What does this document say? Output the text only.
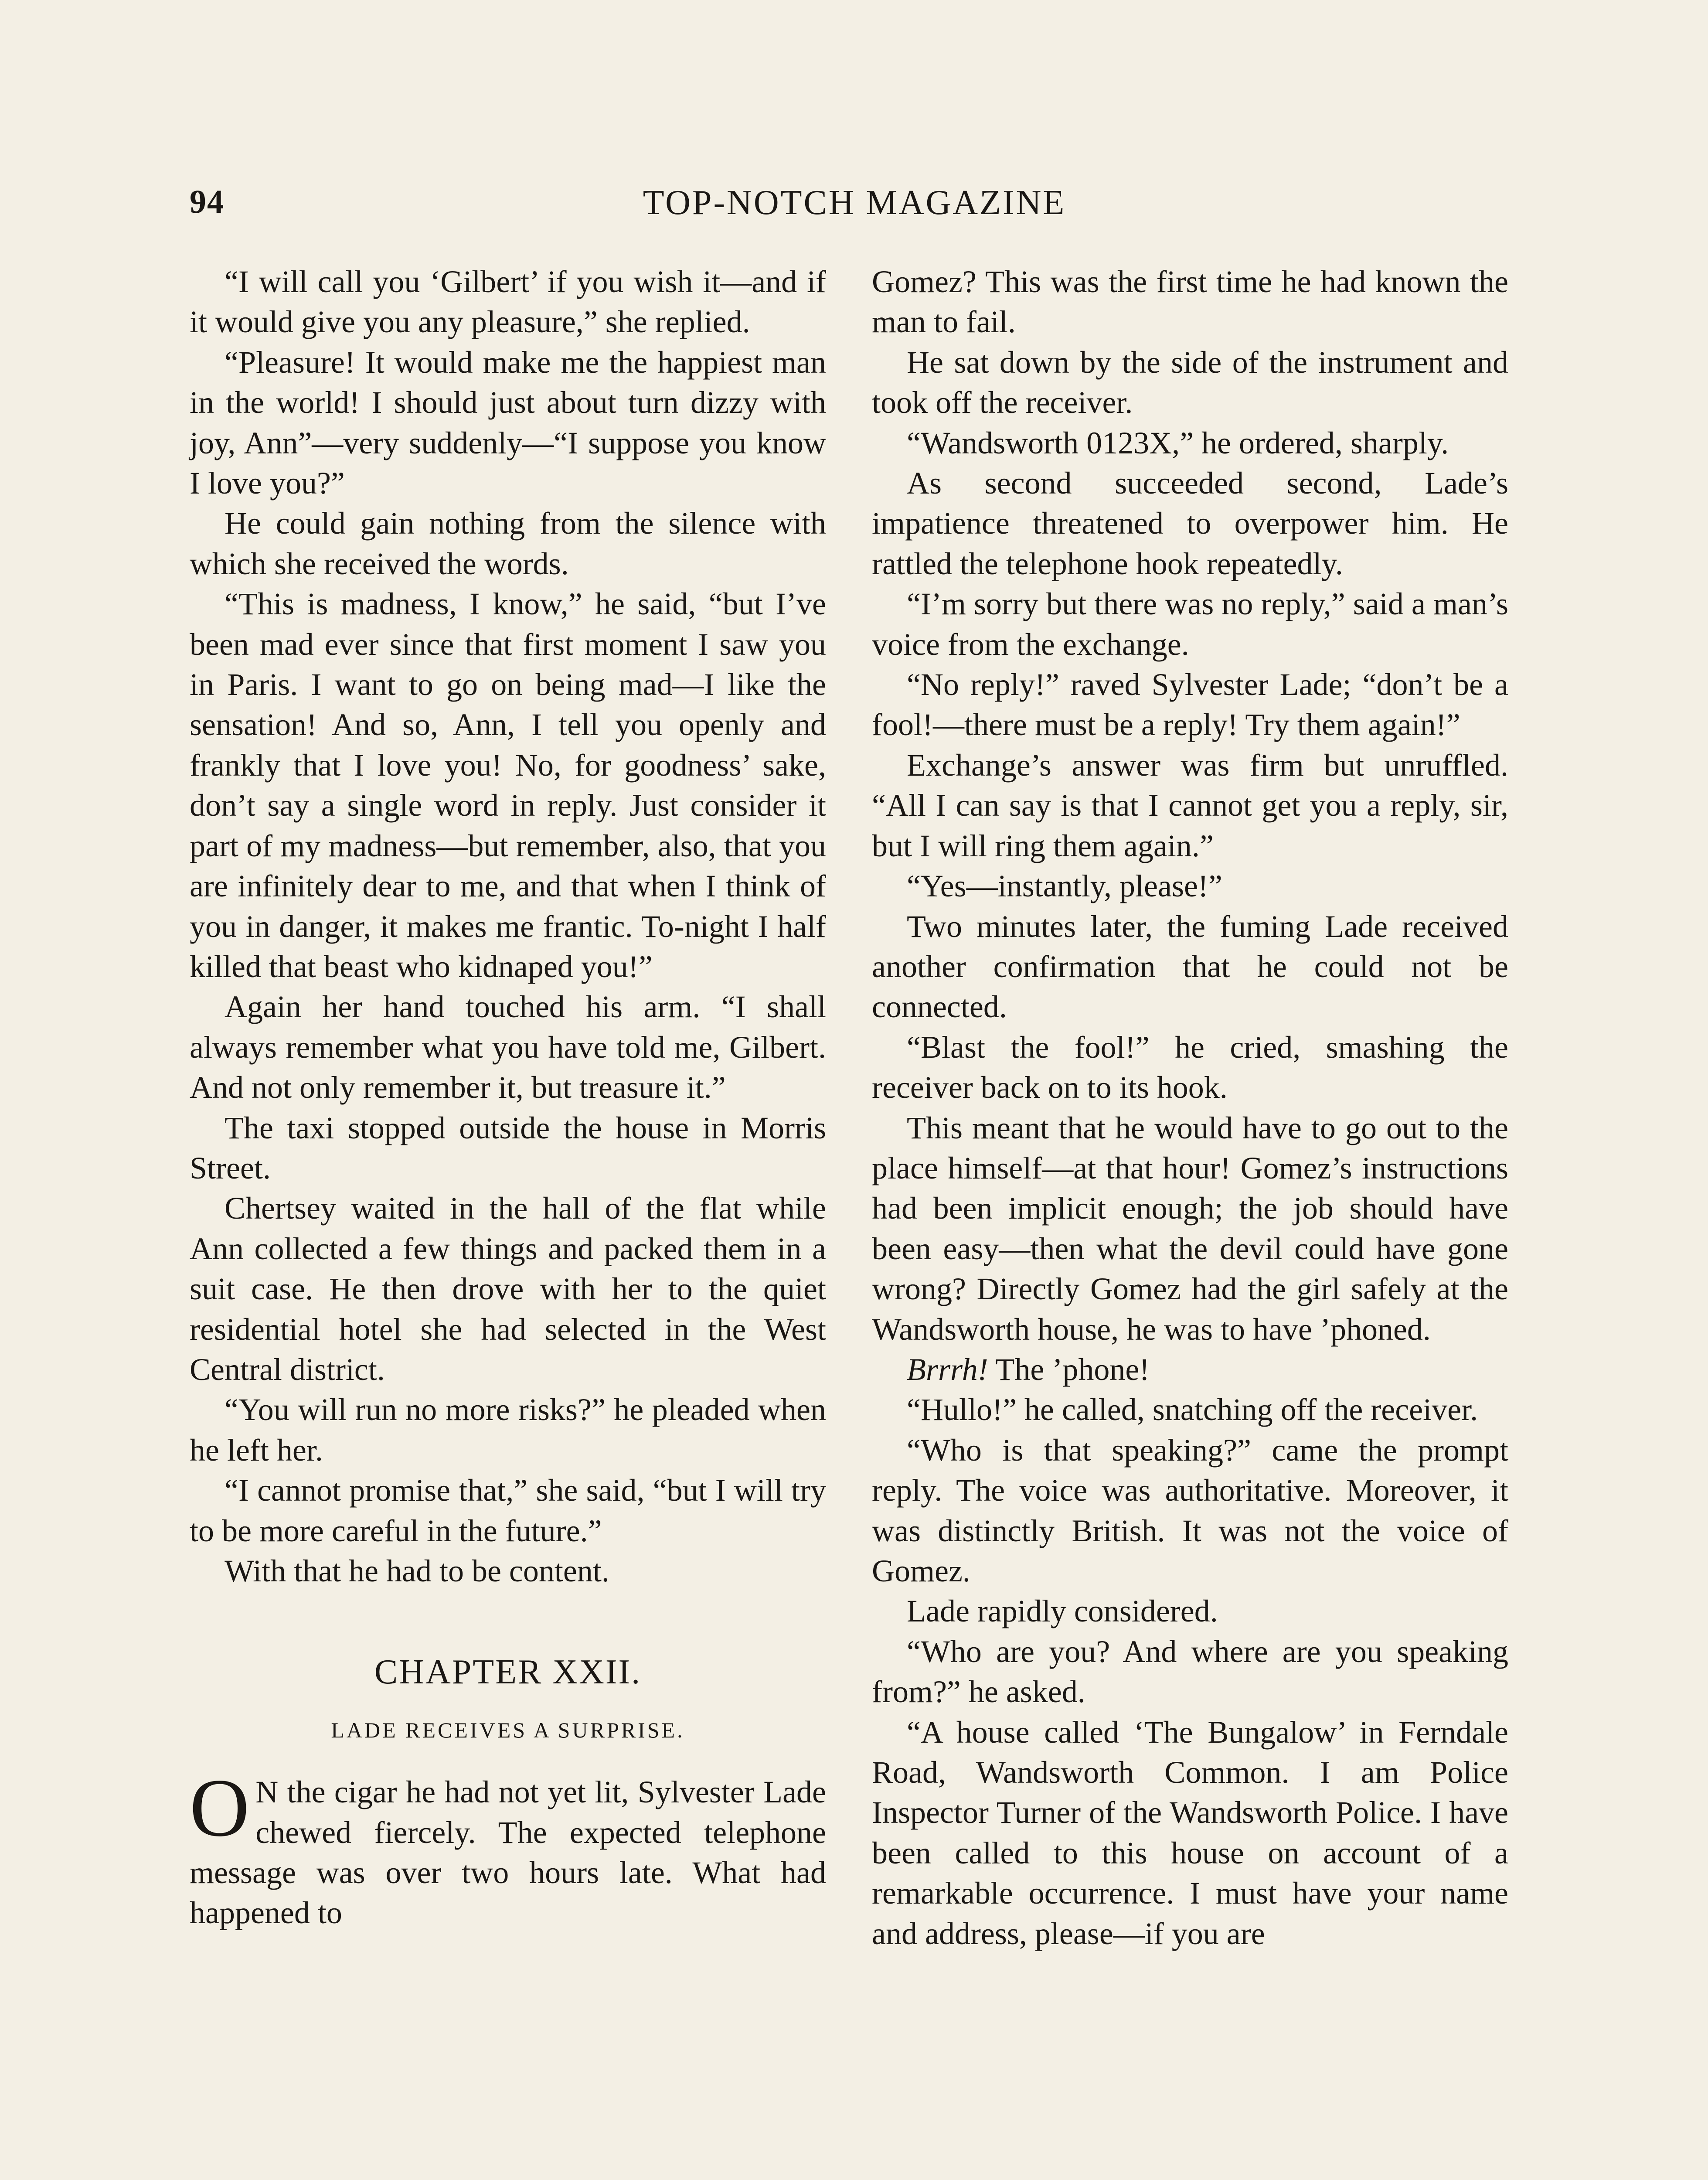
94	TOP-NOTCH MAGAZINE

“I will call you ‘Gilbert’ if you wish it—and if it would give you any pleasure,” she replied.

“Pleasure! It would make me the happiest man in the world! I should just about turn dizzy with joy, Ann”—very suddenly—“I suppose you know I love you?”

He could gain nothing from the silence with which she received the words.

“This is madness, I know,” he said, “but I’ve been mad ever since that first moment I saw you in Paris. I want to go on being mad—I like the sensation! And so, Ann, I tell you openly and frankly that I love you! No, for goodness’ sake, don’t say a single word in reply. Just consider it part of my madness—but remember, also, that you are infinitely dear to me, and that when I think of you in danger, it makes me frantic. To-night I half killed that beast who kidnaped you!”

Again her hand touched his arm. “I shall always remember what you have told me, Gilbert. And not only remember it, but treasure it.”

The taxi stopped outside the house in Morris Street.

Chertsey waited in the hall of the flat while Ann collected a few things and packed them in a suit case. He then drove with her to the quiet residential hotel she had selected in the West Central district.

“You will run no more risks?” he pleaded when he left her.

“I cannot promise that,” she said, “but I will try to be more careful in the future.”

With that he had to be content.

CHAPTER XXII.

LADE RECEIVES A SURPRISE.

O N the cigar he had not yet lit, Sylvester Lade chewed fiercely. The expected telephone message was over two hours late. What had happened to

Gomez? This was the first time he had known the man to fail.

He sat down by the side of the instrument and took off the receiver.

“Wandsworth 0123X,” he ordered, sharply.

As second succeeded second, Lade’s impatience threatened to overpower him. He rattled the telephone hook repeatedly.

“I’m sorry but there was no reply,” said a man’s voice from the exchange.

“No reply!” raved Sylvester Lade; “don’t be a fool!—there must be a reply! Try them again!”

Exchange’s answer was firm but unruffled. “All I can say is that I cannot get you a reply, sir, but I will ring them again.”

“Yes—instantly, please!”

Two minutes later, the fuming Lade received another confirmation that he could not be connected.

“Blast the fool!” he cried, smashing the receiver back on to its hook.

This meant that he would have to go out to the place himself—at that hour! Gomez’s instructions had been implicit enough; the job should have been easy—then what the devil could have gone wrong? Directly Gomez had the girl safely at the Wandsworth house, he was to have ’phoned.

Brrrh! The ’phone!

“Hullo!” he called, snatching off the receiver.

“Who is that speaking?” came the prompt reply. The voice was authoritative. Moreover, it was distinctly British. It was not the voice of Gomez.

Lade rapidly considered.

“Who are you? And where are you speaking from?” he asked.

“A house called ‘The Bungalow’ in Ferndale Road, Wandsworth Common. I am Police Inspector Turner of the Wandsworth Police. I have been called to this house on account of a remarkable occurrence. I must have your name and address, please—if you are
